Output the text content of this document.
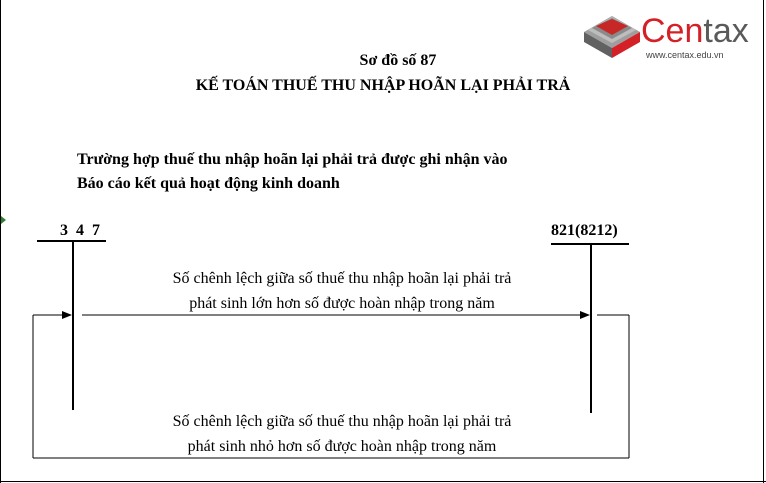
Centax
www.centax.edu.vn
Sơ đồ số 87
KẾ TOÁN THUẾ THU NHẬP HOÃN LẠI PHẢI TRẢ
Trường hợp thuế thu nhập hoãn lại phải trả được ghi nhận vào
Báo cáo kết quả hoạt động kinh doanh
3 4 7	821(8212)
Số chênh lệch giữa số thuế thu nhập hoãn lại phải trả
phát sinh lớn hơn số được hoàn nhập trong năm
Số chênh lệch giữa số thuế thu nhập hoãn lại phải trả
phát sinh nhỏ hơn số được hoàn nhập trong năm
